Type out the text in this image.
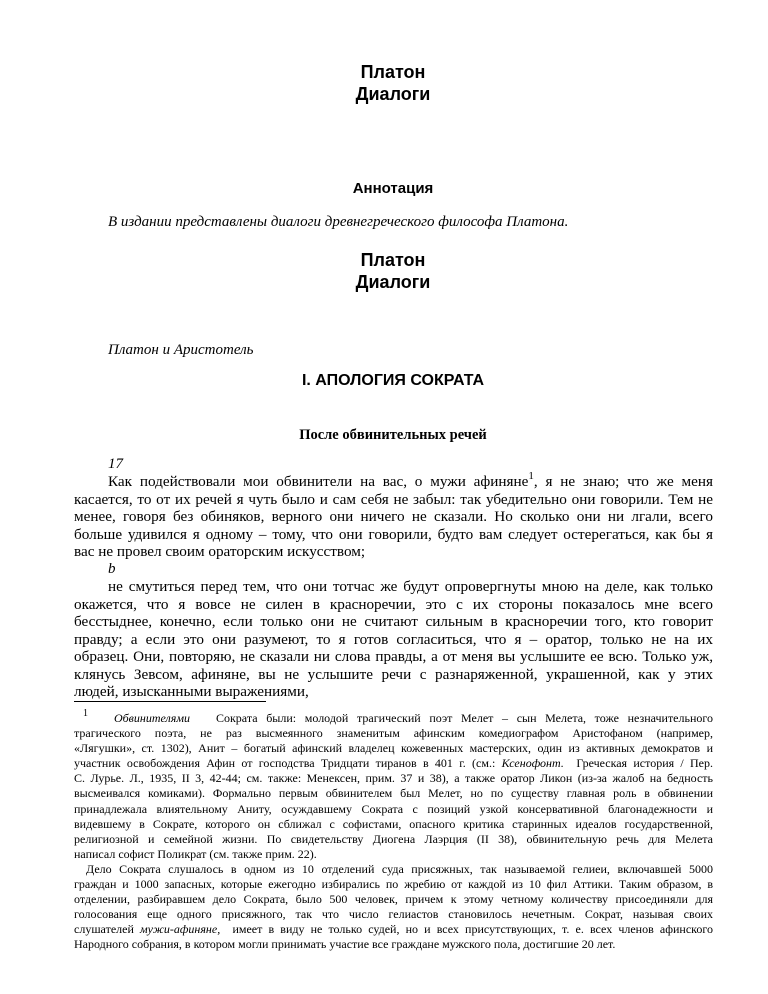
Платон
Диалоги
Аннотация
В издании представлены диалоги древнегреческого философа Платона.
Платон
Диалоги
Платон и Аристотель
I. АПОЛОГИЯ СОКРАТА
После обвинительных речей
17
Как подействовали мои обвинители на вас, о мужи афиняне$^1$, я не знаю; что же меня
касается, то от их речей я чуть было и сам себя не забыл: так убедительно они говорили. Тем не
менее, говоря без обиняков, верного они ничего не сказали. Но сколько они ни лгали, всего
больше удивился я одному – тому, что они говорили, будто вам следует остерегаться, как бы я
вас не провел своим ораторским искусством;
b
не смутиться перед тем, что они тотчас же будут опровергнуты мною на деле, как только
окажется, что я вовсе не силен в красноречии, это с их стороны показалось мне всего
бесстыднее, конечно, если только они не считают сильным в красноречии того, кто говорит
правду; а если это они разумеют, то я готов согласиться, что я – оратор, только не на их
образец. Они, повторяю, не сказали ни слова правды, а от меня вы услышите ее всю. Только уж,
клянусь Зевсом, афиняне, вы не услышите речи с разнаряженной, украшенной, как у этих
людей, изысканными выражениями,
$^1$ Обвинителями Сократа были: молодой трагический поэт Мелет – сын Мелета, тоже незначительного
трагического поэта, не раз высмеянного знаменитым афинским комедиографом Аристофаном (например,
«Лягушки», ст. 1302), Анит – богатый афинский владелец кожевенных мастерских, один из активных демократов и
участник освобождения Афин от господства Тридцати тиранов в 401 г. (см.: Ксенофонт. Греческая история / Пер.
С. Лурье. Л., 1935, II 3, 42-44; см. также: Менексен, прим. 37 и 38), а также оратор Ликон (из-за жалоб на бедность
высмеивался комиками). Формально первым обвинителем был Мелет, но по существу главная роль в обвинении
принадлежала влиятельному Аниту, осуждавшему Сократа с позиций узкой консервативной благонадежности и
видевшему в Сократе, которого он сближал с софистами, опасного критика старинных идеалов государственной,
религиозной и семейной жизни. По свидетельству Диогена Лаэрция (II 38), обвинительную речь для Мелета
написал софист Поликрат (см. также прим. 22).
Дело Сократа слушалось в одном из 10 отделений суда присяжных, так называемой гелиеи, включавшей 5000
граждан и 1000 запасных, которые ежегодно избирались по жребию от каждой из 10 фил Аттики. Таким образом, в
отделении, разбиравшем дело Сократа, было 500 человек, причем к этому четному количеству присоединяли для
голосования еще одного присяжного, так что число гелиастов становилось нечетным. Сократ, называя своих
слушателей мужи-афиняне, имеет в виду не только судей, но и всех присутствующих, т. е. всех членов афинского
Народного собрания, в котором могли принимать участие все граждане мужского пола, достигшие 20 лет.
